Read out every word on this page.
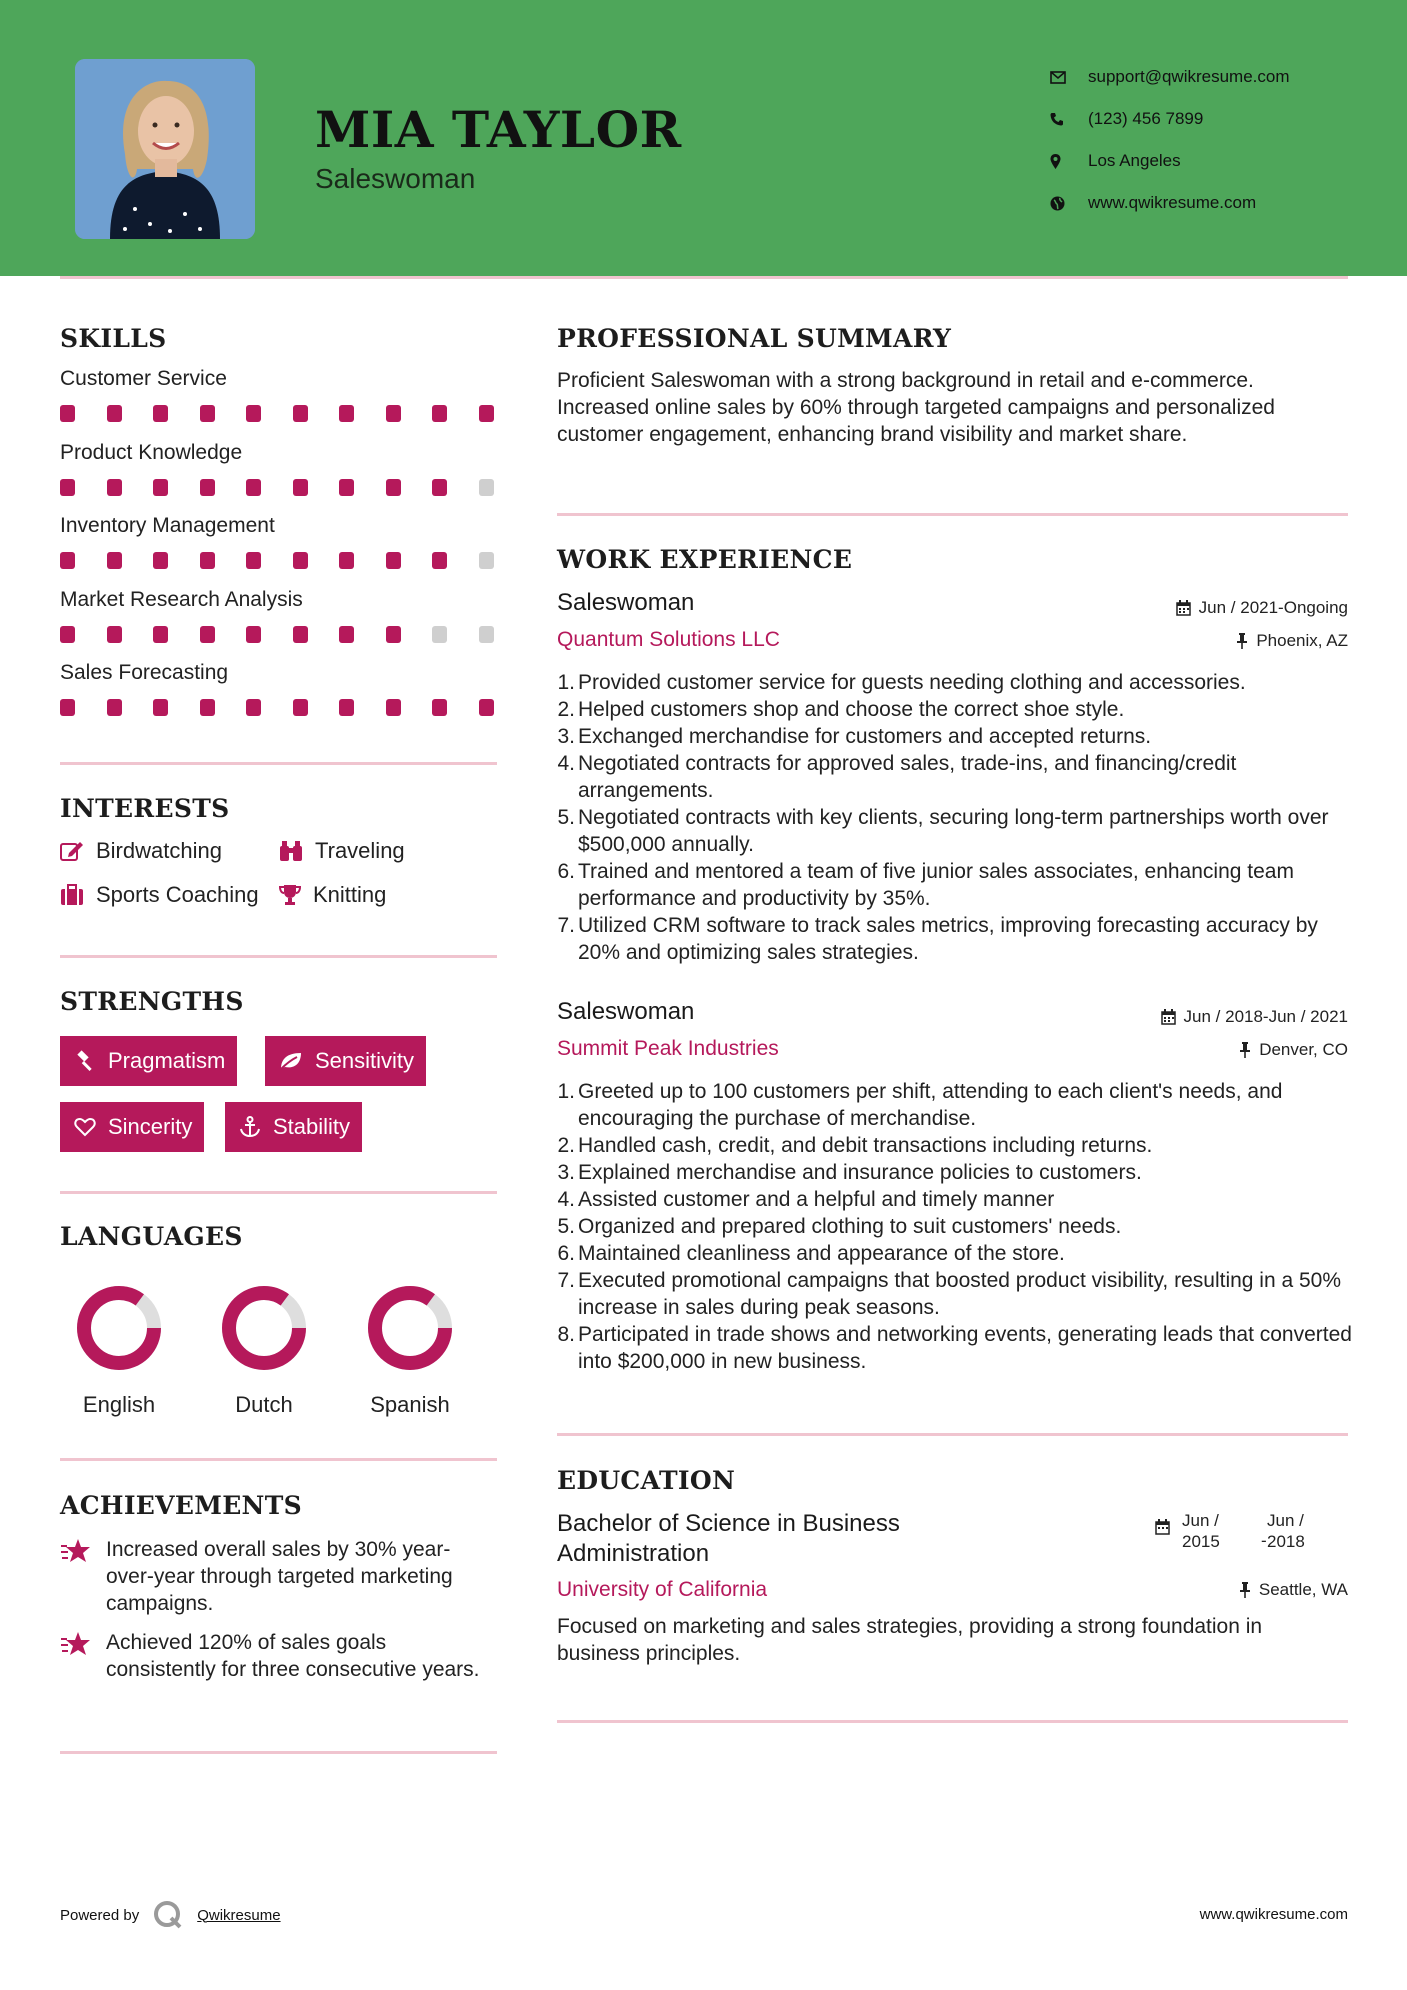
MIA TAYLOR
Saleswoman
support@qwikresume.com
(123) 456 7899
Los Angeles
www.qwikresume.com
SKILLS
Customer Service
Product Knowledge
Inventory Management
Market Research Analysis
Sales Forecasting
INTERESTS
Birdwatching	Traveling
Sports Coaching Knitting
STRENGTHS
Pragmatism	Sensitivity
Sincerity	Stability
LANGUAGES
English	Dutch	Spanish
ACHIEVEMENTS
Increased overall sales by 30% year-over-year through targeted marketing campaigns.
Achieved 120% of sales goals consistently for three consecutive years.
PROFESSIONAL SUMMARY
Proficient Saleswoman with a strong background in retail and e-commerce. Increased online sales by 60% through targeted campaigns and personalized customer engagement, enhancing brand visibility and market share.
WORK EXPERIENCE
Saleswoman	Jun / 2021-Ongoing
Quantum Solutions LLC	Phoenix, AZ
1. Provided customer service for guests needing clothing and accessories.
2. Helped customers shop and choose the correct shoe style.
3. Exchanged merchandise for customers and accepted returns.
4. Negotiated contracts for approved sales, trade-ins, and financing/credit arrangements.
5. Negotiated contracts with key clients, securing long-term partnerships worth over $500,000 annually.
6. Trained and mentored a team of five junior sales associates, enhancing team performance and productivity by 35%.
7. Utilized CRM software to track sales metrics, improving forecasting accuracy by 20% and optimizing sales strategies.
Saleswoman	Jun / 2018-Jun / 2021
Summit Peak Industries	Denver, CO
1. Greeted up to 100 customers per shift, attending to each client's needs, and encouraging the purchase of merchandise.
2. Handled cash, credit, and debit transactions including returns.
3. Explained merchandise and insurance policies to customers.
4. Assisted customer and a helpful and timely manner
5. Organized and prepared clothing to suit customers' needs.
6. Maintained cleanliness and appearance of the store.
7. Executed promotional campaigns that boosted product visibility, resulting in a 50% increase in sales during peak seasons.
8. Participated in trade shows and networking events, generating leads that converted into $200,000 in new business.
EDUCATION
Bachelor of Science in Business Administration
Jun / 2015	-
Jun / 2018
University of California	Seattle, WA
Focused on marketing and sales strategies, providing a strong foundation in business principles.
Powered by	Qwikresume	www.qwikresume.com
